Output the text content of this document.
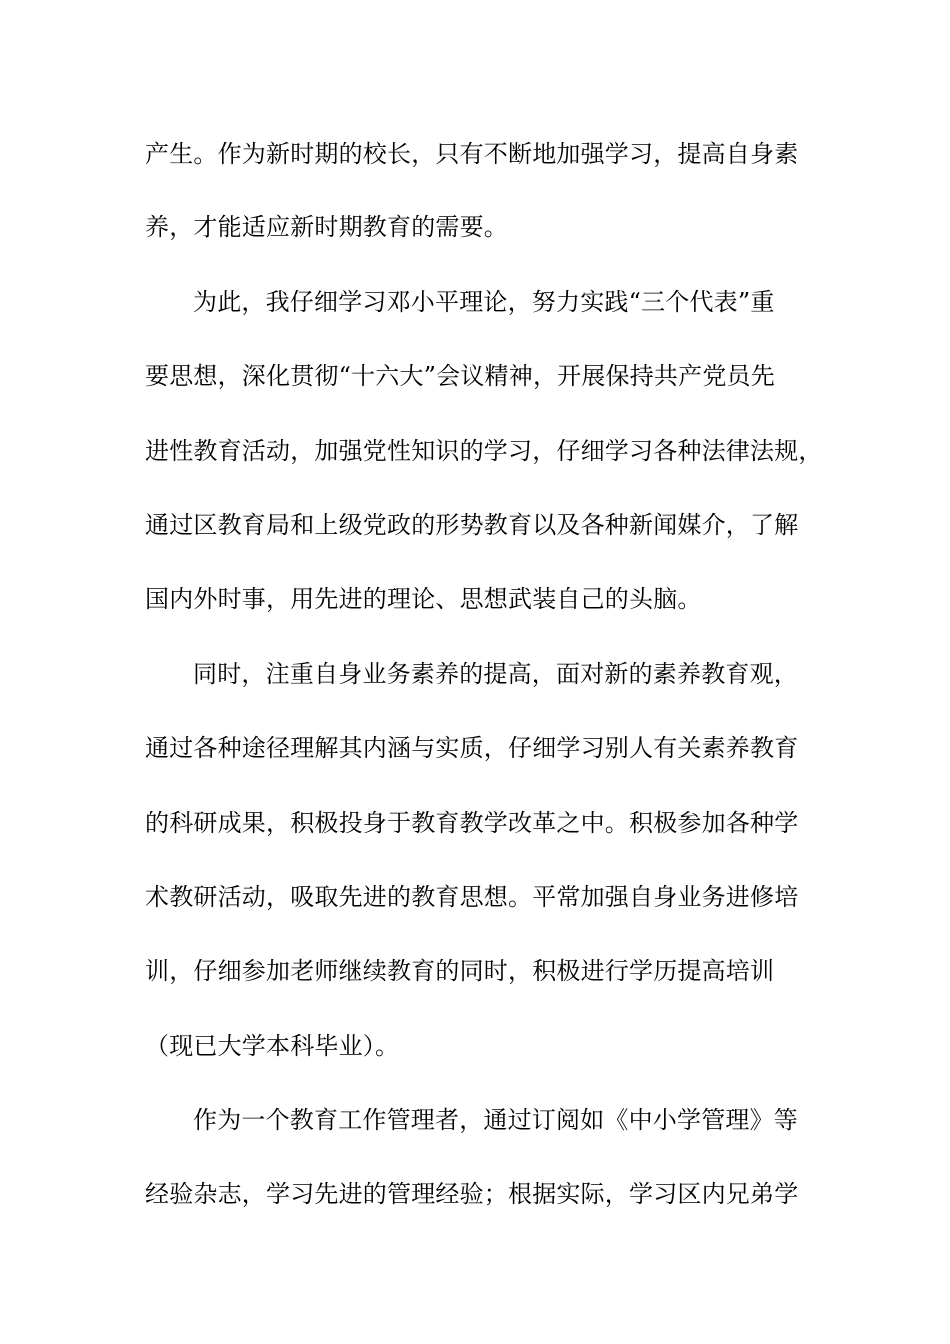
产生。作为新时期的校长，只有不断地加强学习，提高自身素
养，才能适应新时期教育的需要。
为此，我仔细学习邓小平理论，努力实践“三个代表”重
要思想，深化贯彻“十六大”会议精神，开展保持共产党员先
进性教育活动，加强党性知识的学习，仔细学习各种法律法规，
通过区教育局和上级党政的形势教育以及各种新闻媒介，了解
国内外时事，用先进的理论、思想武装自己的头脑。
同时，注重自身业务素养的提高，面对新的素养教育观，
通过各种途径理解其内涵与实质，仔细学习别人有关素养教育
的科研成果，积极投身于教育教学改革之中。积极参加各种学
术教研活动，吸取先进的教育思想。平常加强自身业务进修培
训，仔细参加老师继续教育的同时，积极进行学历提高培训
（现已大学本科毕业）。
作为一个教育工作管理者，通过订阅如《中小学管理》等
经验杂志，学习先进的管理经验；根据实际，学习区内兄弟学
